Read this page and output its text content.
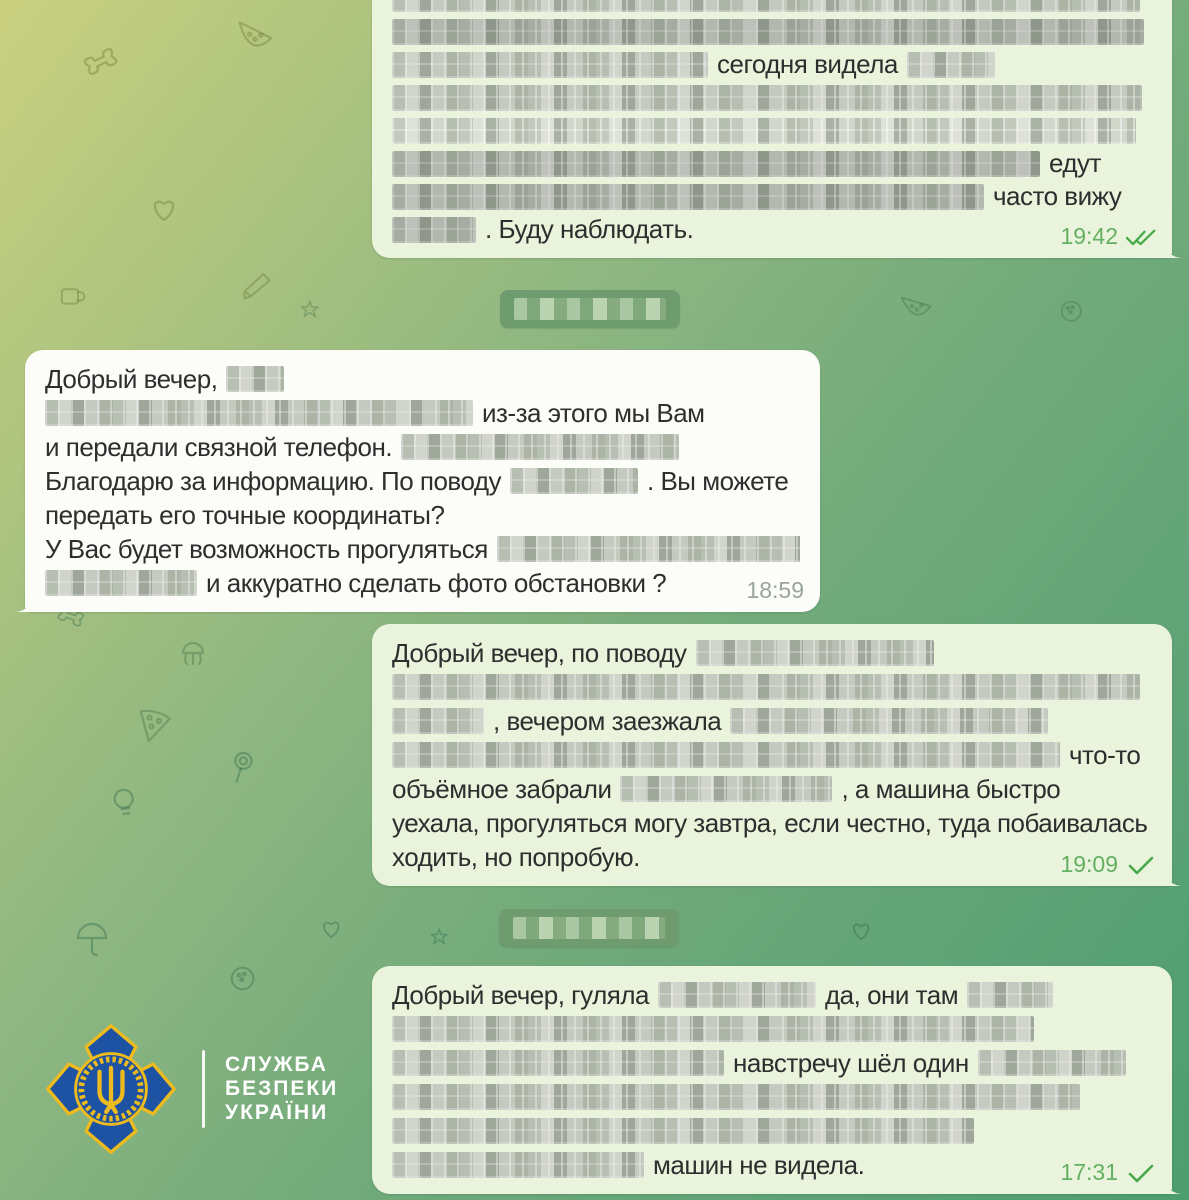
сегодня видела
едут
часто вижу
. Буду наблюдать.	19:42
Добрый вечер,
из-за этого мы Вам
и передали связной телефон.
Благодарю за информацию. По поводу	. Вы можете
передать его точные координаты?
У Вас будет возможность прогуляться
и аккуратно сделать фото обстановки ?	18:59
Добрый вечер, по поводу
, вечером заезжала
что-то
объёмное забрали	, а машина быстро
уехала, прогуляться могу завтра, если честно, туда побаивалась
ходить, но попробую.	19:09
Добрый вечер, гуляла	да, они там
навстречу шёл один
машин не видела.	17:31
СЛУЖБА
БЕЗПЕКИ
УКРАЇНИ
